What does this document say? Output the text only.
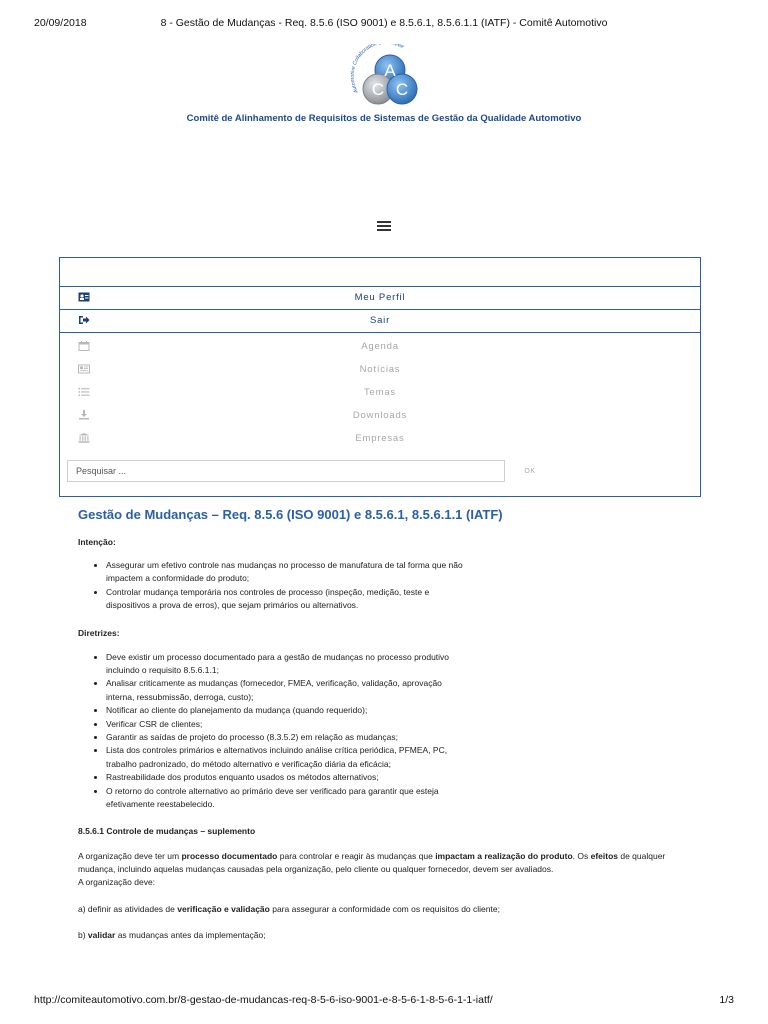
20/09/2018	8 - Gestão de Mudanças - Req. 8.5.6 (ISO 9001) e 8.5.6.1, 8.5.6.1.1 (IATF) - Comitê Automotivo
Automotive Collaboration ttee
A
C C
Comitê de Alinhamento de Requisitos de Sistemas de Gestão da Qualidade Automotivo
Meu Perfil
Sair
Agenda
Notícias
Temas
Downloads
Empresas
Pesquisar ...
OK
Gestão de Mudanças – Req. 8.5.6 (ISO 9001) e 8.5.6.1, 8.5.6.1.1 (IATF)

Intenção:

• Assegurar um efetivo controle nas mudanças no processo de manufatura de tal forma que não impactem a conformidade do produto;
• Controlar mudança temporária nos controles de processo (inspeção, medição, teste e dispositivos a prova de erros), que sejam primários ou alternativos.

Diretrizes:

• Deve existir um processo documentado para a gestão de mudanças no processo produtivo incluindo o requisito 8.5.6.1.1;
• Analisar criticamente as mudanças (fornecedor, FMEA, verificação, validação, aprovação interna, ressubmissão, derroga, custo);
• Notificar ao cliente do planejamento da mudança (quando requerido);
• Verificar CSR de clientes;
• Garantir as saídas de projeto do processo (8.3.5.2) em relação as mudanças;
• Lista dos controles primários e alternativos incluindo análise crítica periódica, PFMEA, PC, trabalho padronizado, do método alternativo e verificação diária da eficácia;
• Rastreabilidade dos produtos enquanto usados os métodos alternativos;
• O retorno do controle alternativo ao primário deve ser verificado para garantir que esteja efetivamente reestabelecido.

8.5.6.1 Controle de mudanças – suplemento

A organização deve ter um processo documentado para controlar e reagir às mudanças que impactam a realização do produto. Os efeitos de qualquer mudança, incluindo aquelas mudanças causadas pela organização, pelo cliente ou qualquer fornecedor, devem ser avaliados.

A organização deve:

a) definir as atividades de verificação e validação para assegurar a conformidade com os requisitos do cliente;

b) validar as mudanças antes da implementação;

http://comiteautomotivo.com.br/8-gestao-de-mudancas-req-8-5-6-iso-9001-e-8-5-6-1-8-5-6-1-1-iatf/	1/3
